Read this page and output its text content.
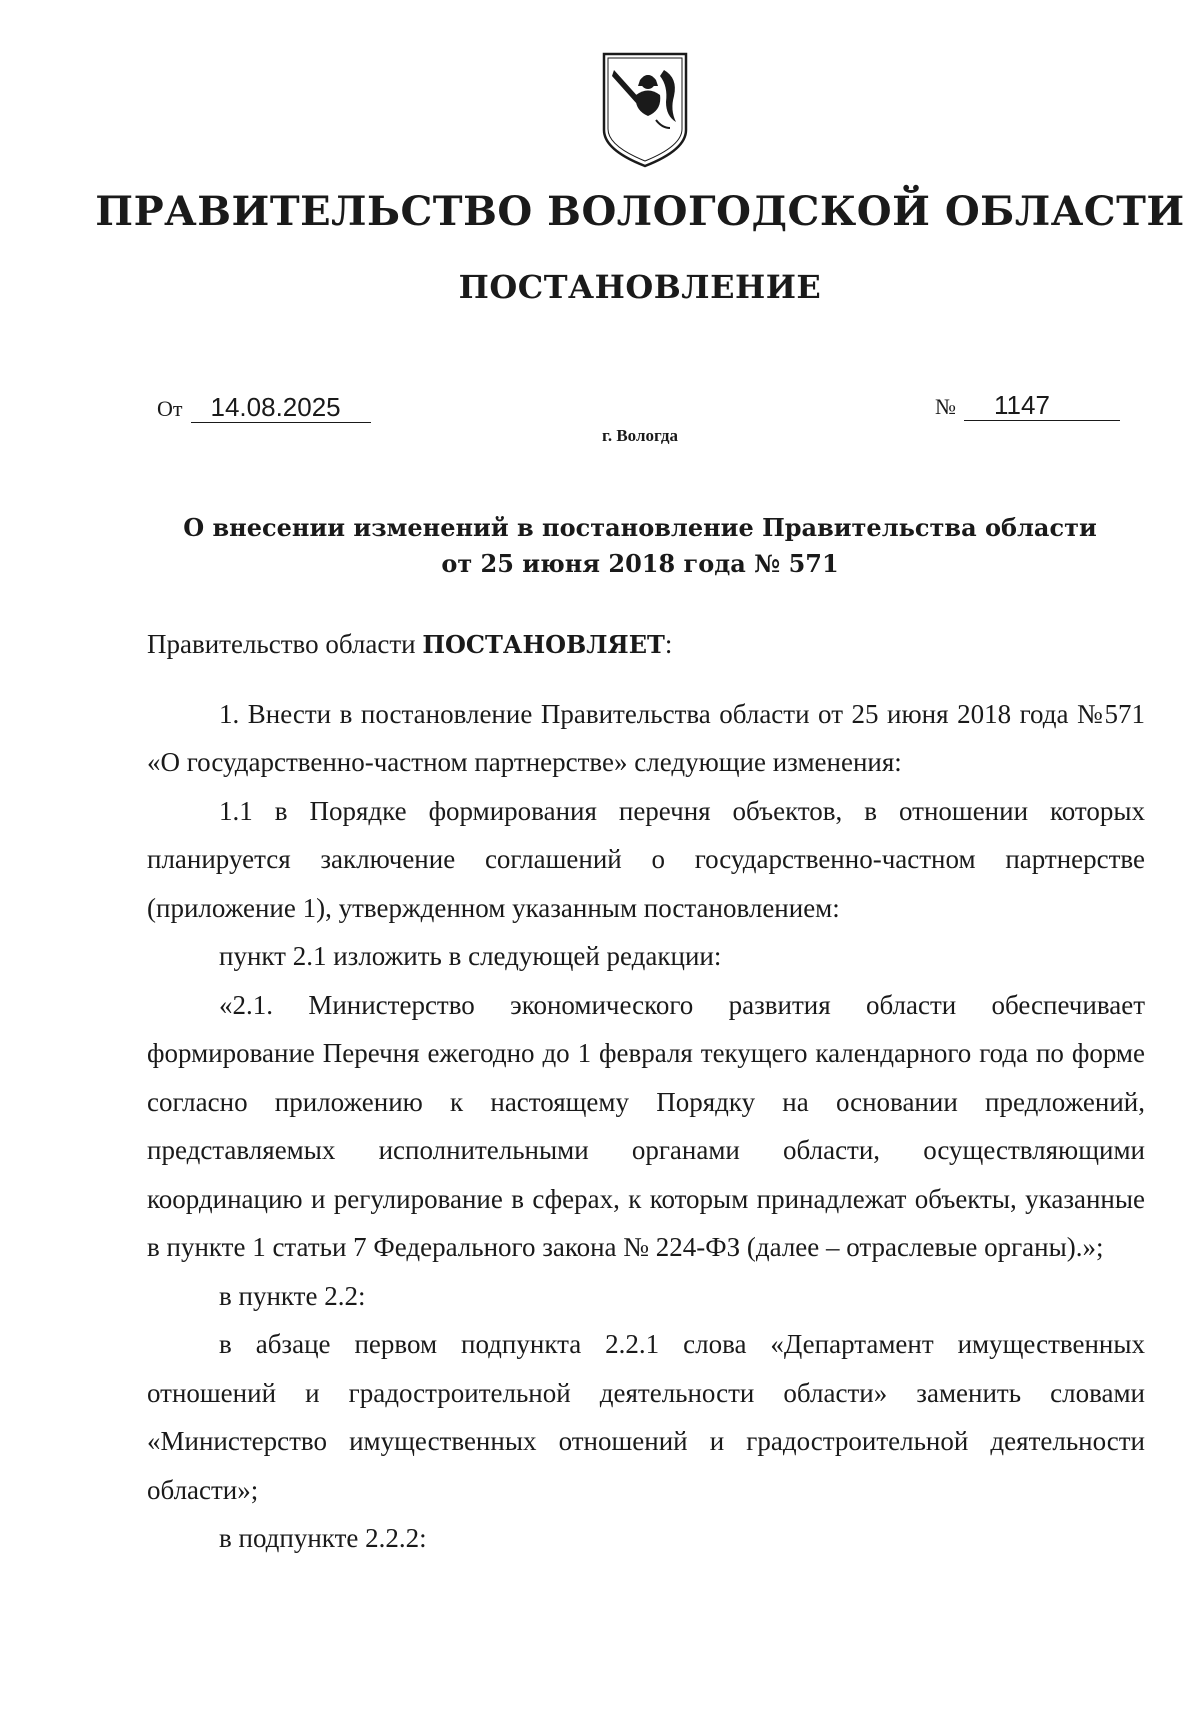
ПРАВИТЕЛЬСТВО ВОЛОГОДСКОЙ ОБЛАСТИ
ПОСТАНОВЛЕНИЕ
От 14.08.2025	№ 1147
г. Вологда
О внесении изменений в постановление Правительства области
от 25 июня 2018 года № 571

Правительство области ПОСТАНОВЛЯЕТ:

1. Внести в постановление Правительства области от 25 июня 2018 года №571 «О государственно-частном партнерстве» следующие изменения:

1.1 в Порядке формирования перечня объектов, в отношении которых планируется заключение соглашений о государственно-частном партнерстве (приложение 1), утвержденном указанным постановлением:

пункт 2.1 изложить в следующей редакции:

«2.1. Министерство экономического развития области обеспечивает формирование Перечня ежегодно до 1 февраля текущего календарного года по форме согласно приложению к настоящему Порядку на основании предложений, представляемых исполнительными органами области, осуществляющими координацию и регулирование в сферах, к которым принадлежат объекты, указанные в пункте 1 статьи 7 Федерального закона № 224-ФЗ (далее – отраслевые органы).»;

в пункте 2.2:

в абзаце первом подпункта 2.2.1 слова «Департамент имущественных отношений и градостроительной деятельности области» заменить словами «Министерство имущественных отношений и градостроительной деятельности области»;

в подпункте 2.2.2:
